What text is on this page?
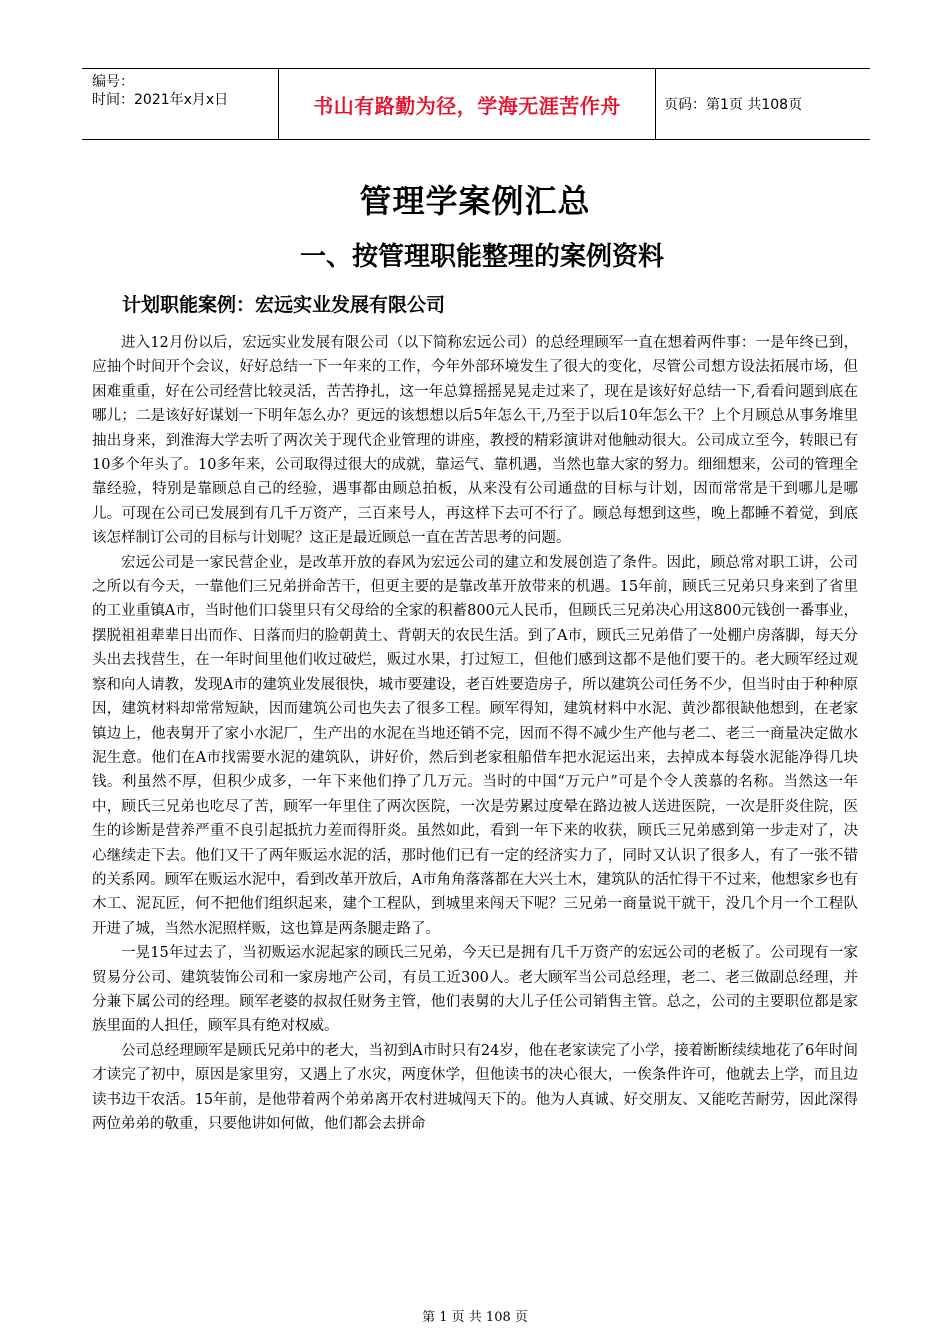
编号：
时间：2021年x月x日	书山有路勤为径，学海无涯苦作舟	页码：第1页 共108页
管理学案例汇总
一、按管理职能整理的案例资料
计划职能案例：宏远实业发展有限公司

进入12月份以后，宏远实业发展有限公司（以下简称宏远公司）的总经理顾军一直在想着两件事：一是年终已到，应抽个时间开个会议，好好总结一下一年来的工作，今年外部环境发生了很大的变化，尽管公司想方设法拓展市场，但困难重重，好在公司经营比较灵活，苦苦挣扎，这一年总算摇摇晃晃走过来了，现在是该好好总结一下,看看问题到底在哪儿；二是该好好谋划一下明年怎么办？更远的该想想以后5年怎么干,乃至于以后10年怎么干？上个月顾总从事务堆里抽出身来，到淮海大学去听了两次关于现代企业管理的讲座，教授的精彩演讲对他触动很大。公司成立至今，转眼已有10多个年头了。10多年来，公司取得过很大的成就，靠运气、靠机遇，当然也靠大家的努力。细细想来，公司的管理全靠经验，特别是靠顾总自己的经验，遇事都由顾总拍板，从来没有公司通盘的目标与计划，因而常常是干到哪儿是哪儿。可现在公司已发展到有几千万资产，三百来号人，再这样下去可不行了。顾总每想到这些，晚上都睡不着觉，到底该怎样制订公司的目标与计划呢？这正是最近顾总一直在苦苦思考的问题。

宏远公司是一家民营企业，是改革开放的春风为宏远公司的建立和发展创造了条件。因此，顾总常对职工讲，公司之所以有今天，一靠他们三兄弟拼命苦干，但更主要的是靠改革开放带来的机遇。15年前，顾氏三兄弟只身来到了省里的工业重镇A市，当时他们口袋里只有父母给的全家的积蓄800元人民币，但顾氏三兄弟决心用这800元钱创一番事业，摆脱祖祖辈辈日出而作、日落而归的脸朝黄土、背朝天的农民生活。到了A市，顾氏三兄弟借了一处棚户房落脚，每天分头出去找营生，在一年时间里他们收过破烂，贩过水果，打过短工，但他们感到这都不是他们要干的。老大顾军经过观察和向人请教，发现A市的建筑业发展很快，城市要建设，老百姓要造房子，所以建筑公司任务不少，但当时由于种种原因，建筑材料却常常短缺，因而建筑公司也失去了很多工程。顾军得知，建筑材料中水泥、黄沙都很缺他想到，在老家镇边上，他表舅开了家小水泥厂，生产出的水泥在当地还销不完，因而不得不减少生产他与老二、老三一商量决定做水泥生意。他们在A市找需要水泥的建筑队，讲好价，然后到老家租船借车把水泥运出来，去掉成本每袋水泥能净得几块钱。利虽然不厚，但积少成多，一年下来他们挣了几万元。当时的中国“万元户”可是个令人羡慕的名称。当然这一年中，顾氏三兄弟也吃尽了苦，顾军一年里住了两次医院，一次是劳累过度晕在路边被人送进医院，一次是肝炎住院，医生的诊断是营养严重不良引起抵抗力差而得肝炎。虽然如此，看到一年下来的收获，顾氏三兄弟感到第一步走对了，决心继续走下去。他们又干了两年贩运水泥的活，那时他们已有一定的经济实力了，同时又认识了很多人，有了一张不错的关系网。顾军在贩运水泥中，看到改革开放后，A市角角落落都在大兴土木，建筑队的活忙得干不过来，他想家乡也有木工、泥瓦匠，何不把他们组织起来，建个工程队，到城里来闯天下呢？三兄弟一商量说干就干，没几个月一个工程队开进了城，当然水泥照样贩，这也算是两条腿走路了。

一晃15年过去了，当初贩运水泥起家的顾氏三兄弟，今天已是拥有几千万资产的宏远公司的老板了。公司现有一家贸易分公司、建筑装饰公司和一家房地产公司，有员工近300人。老大顾军当公司总经理，老二、老三做副总经理，并分兼下属公司的经理。顾军老婆的叔叔任财务主管，他们表舅的大儿子任公司销售主管。总之，公司的主要职位都是家族里面的人担任，顾军具有绝对权威。

公司总经理顾军是顾氏兄弟中的老大，当初到A市时只有24岁，他在老家读完了小学，接着断断续续地花了6年时间才读完了初中，原因是家里穷，又遇上了水灾，两度休学，但他读书的决心很大，一俟条件许可，他就去上学，而且边读书边干农活。15年前，是他带着两个弟弟离开农村进城闯天下的。他为人真诚、好交朋友、又能吃苦耐劳，因此深得两位弟弟的敬重，只要他讲如何做，他们都会去拼命

第 1 页 共 108 页
